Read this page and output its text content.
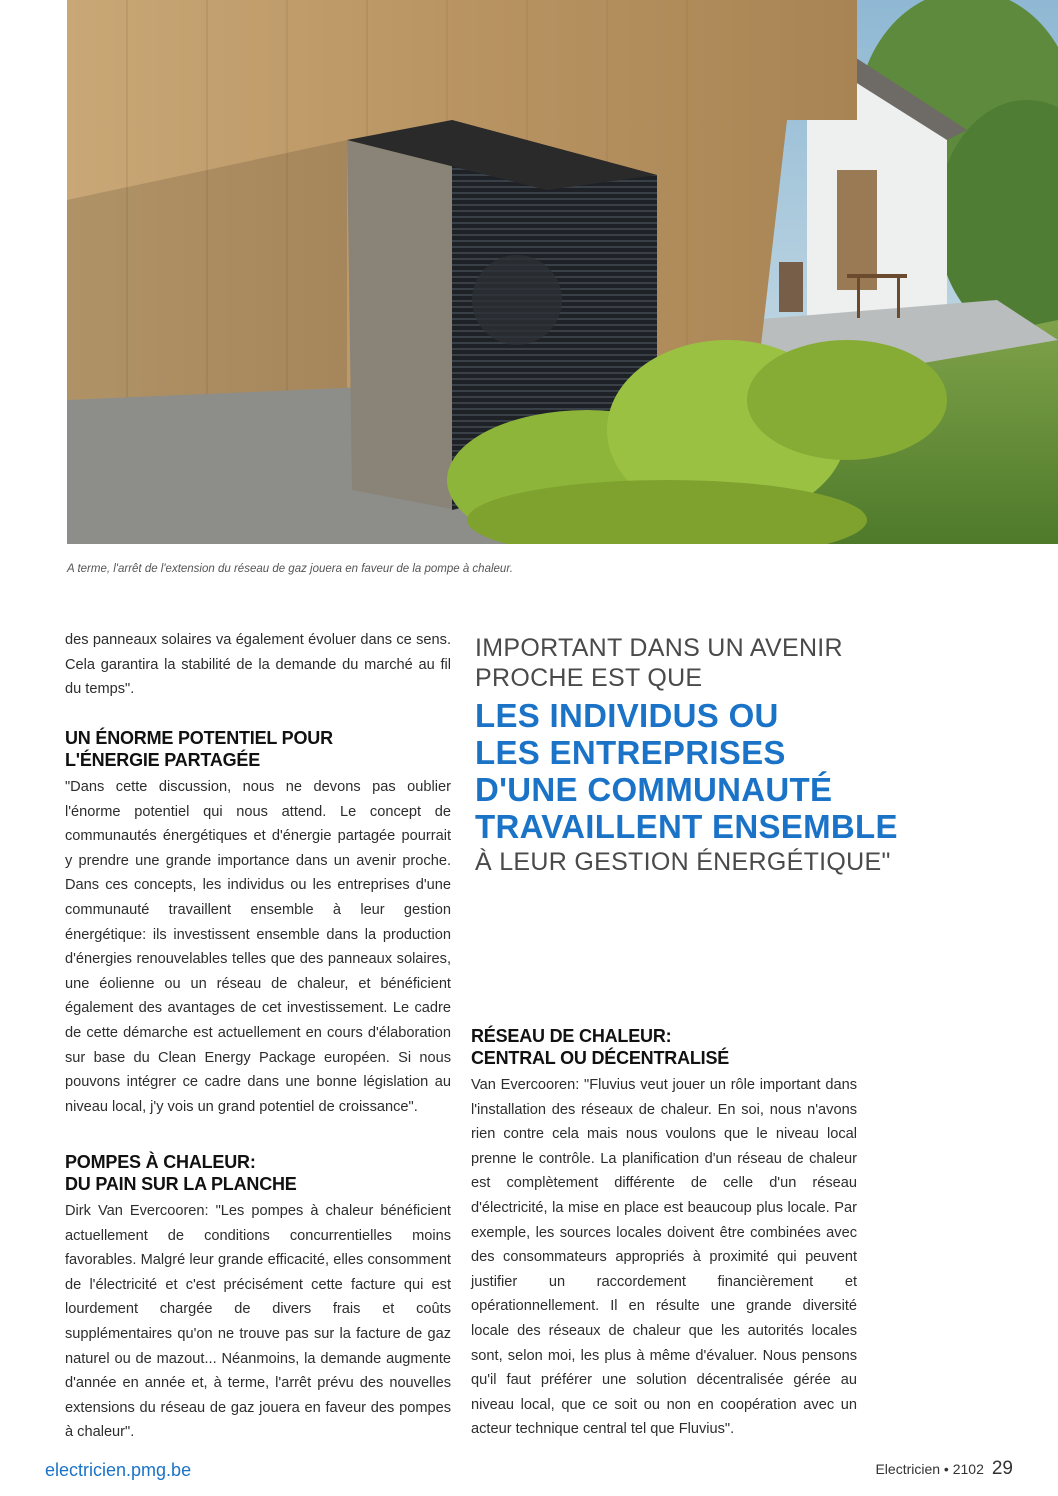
A terme, l'arrêt de l'extension du réseau de gaz jouera en faveur de la pompe à chaleur.

des panneaux solaires va également évoluer dans ce sens. Cela garantira la stabilité de la demande du marché au fil du temps".

UN ÉNORME POTENTIEL POUR
L'ÉNERGIE PARTAGÉE

"Dans cette discussion, nous ne devons pas oublier l'énorme potentiel qui nous attend. Le concept de communautés énergétiques et d'énergie partagée pourrait y prendre une grande importance dans un avenir proche. Dans ces concepts, les individus ou les entreprises d'une communauté travaillent ensemble à leur gestion énergétique: ils investissent ensemble dans la production d'énergies renouvelables telles que des panneaux solaires, une éolienne ou un réseau de chaleur, et bénéficient également des avantages de cet investissement. Le cadre de cette démarche est actuellement en cours d'élaboration sur base du Clean Energy Package européen. Si nous pouvons intégrer ce cadre dans une bonne législation au niveau local, j'y vois un grand potentiel de croissance".

POMPES À CHALEUR:
DU PAIN SUR LA PLANCHE

Dirk Van Evercooren: "Les pompes à chaleur bénéficient actuellement de conditions concurrentielles moins favorables. Malgré leur grande efficacité, elles consomment de l'électricité et c'est précisément cette facture qui est lourdement chargée de divers frais et coûts supplémentaires qu'on ne trouve pas sur la facture de gaz naturel ou de mazout... Néanmoins, la demande augmente d'année en année et, à terme, l'arrêt prévu des nouvelles extensions du réseau de gaz jouera en faveur des pompes à chaleur".

IMPORTANT DANS UN AVENIR
PROCHE EST QUE
LES INDIVIDUS OU
LES ENTREPRISES
D'UNE COMMUNAUTÉ
TRAVAILLENT ENSEMBLE
À LEUR GESTION ÉNERGÉTIQUE"
RÉSEAU DE CHALEUR:
CENTRAL OU DÉCENTRALISÉ

Van Evercooren: "Fluvius veut jouer un rôle important dans l'installation des réseaux de chaleur. En soi, nous n'avons rien contre cela mais nous voulons que le niveau local prenne le contrôle. La planification d'un réseau de chaleur est complètement différente de celle d'un réseau d'électricité, la mise en place est beaucoup plus locale. Par exemple, les sources locales doivent être combinées avec des consommateurs appropriés à proximité qui peuvent justifier un raccordement financièrement et opérationnellement. Il en résulte une grande diversité locale des réseaux de chaleur que les autorités locales sont, selon moi, les plus à même d'évaluer. Nous pensons qu'il faut préférer une solution décentralisée gérée au niveau local, que ce soit ou non en coopération avec un acteur technique central tel que Fluvius".

electricien.pmg.be	Electricien • 2102 29
